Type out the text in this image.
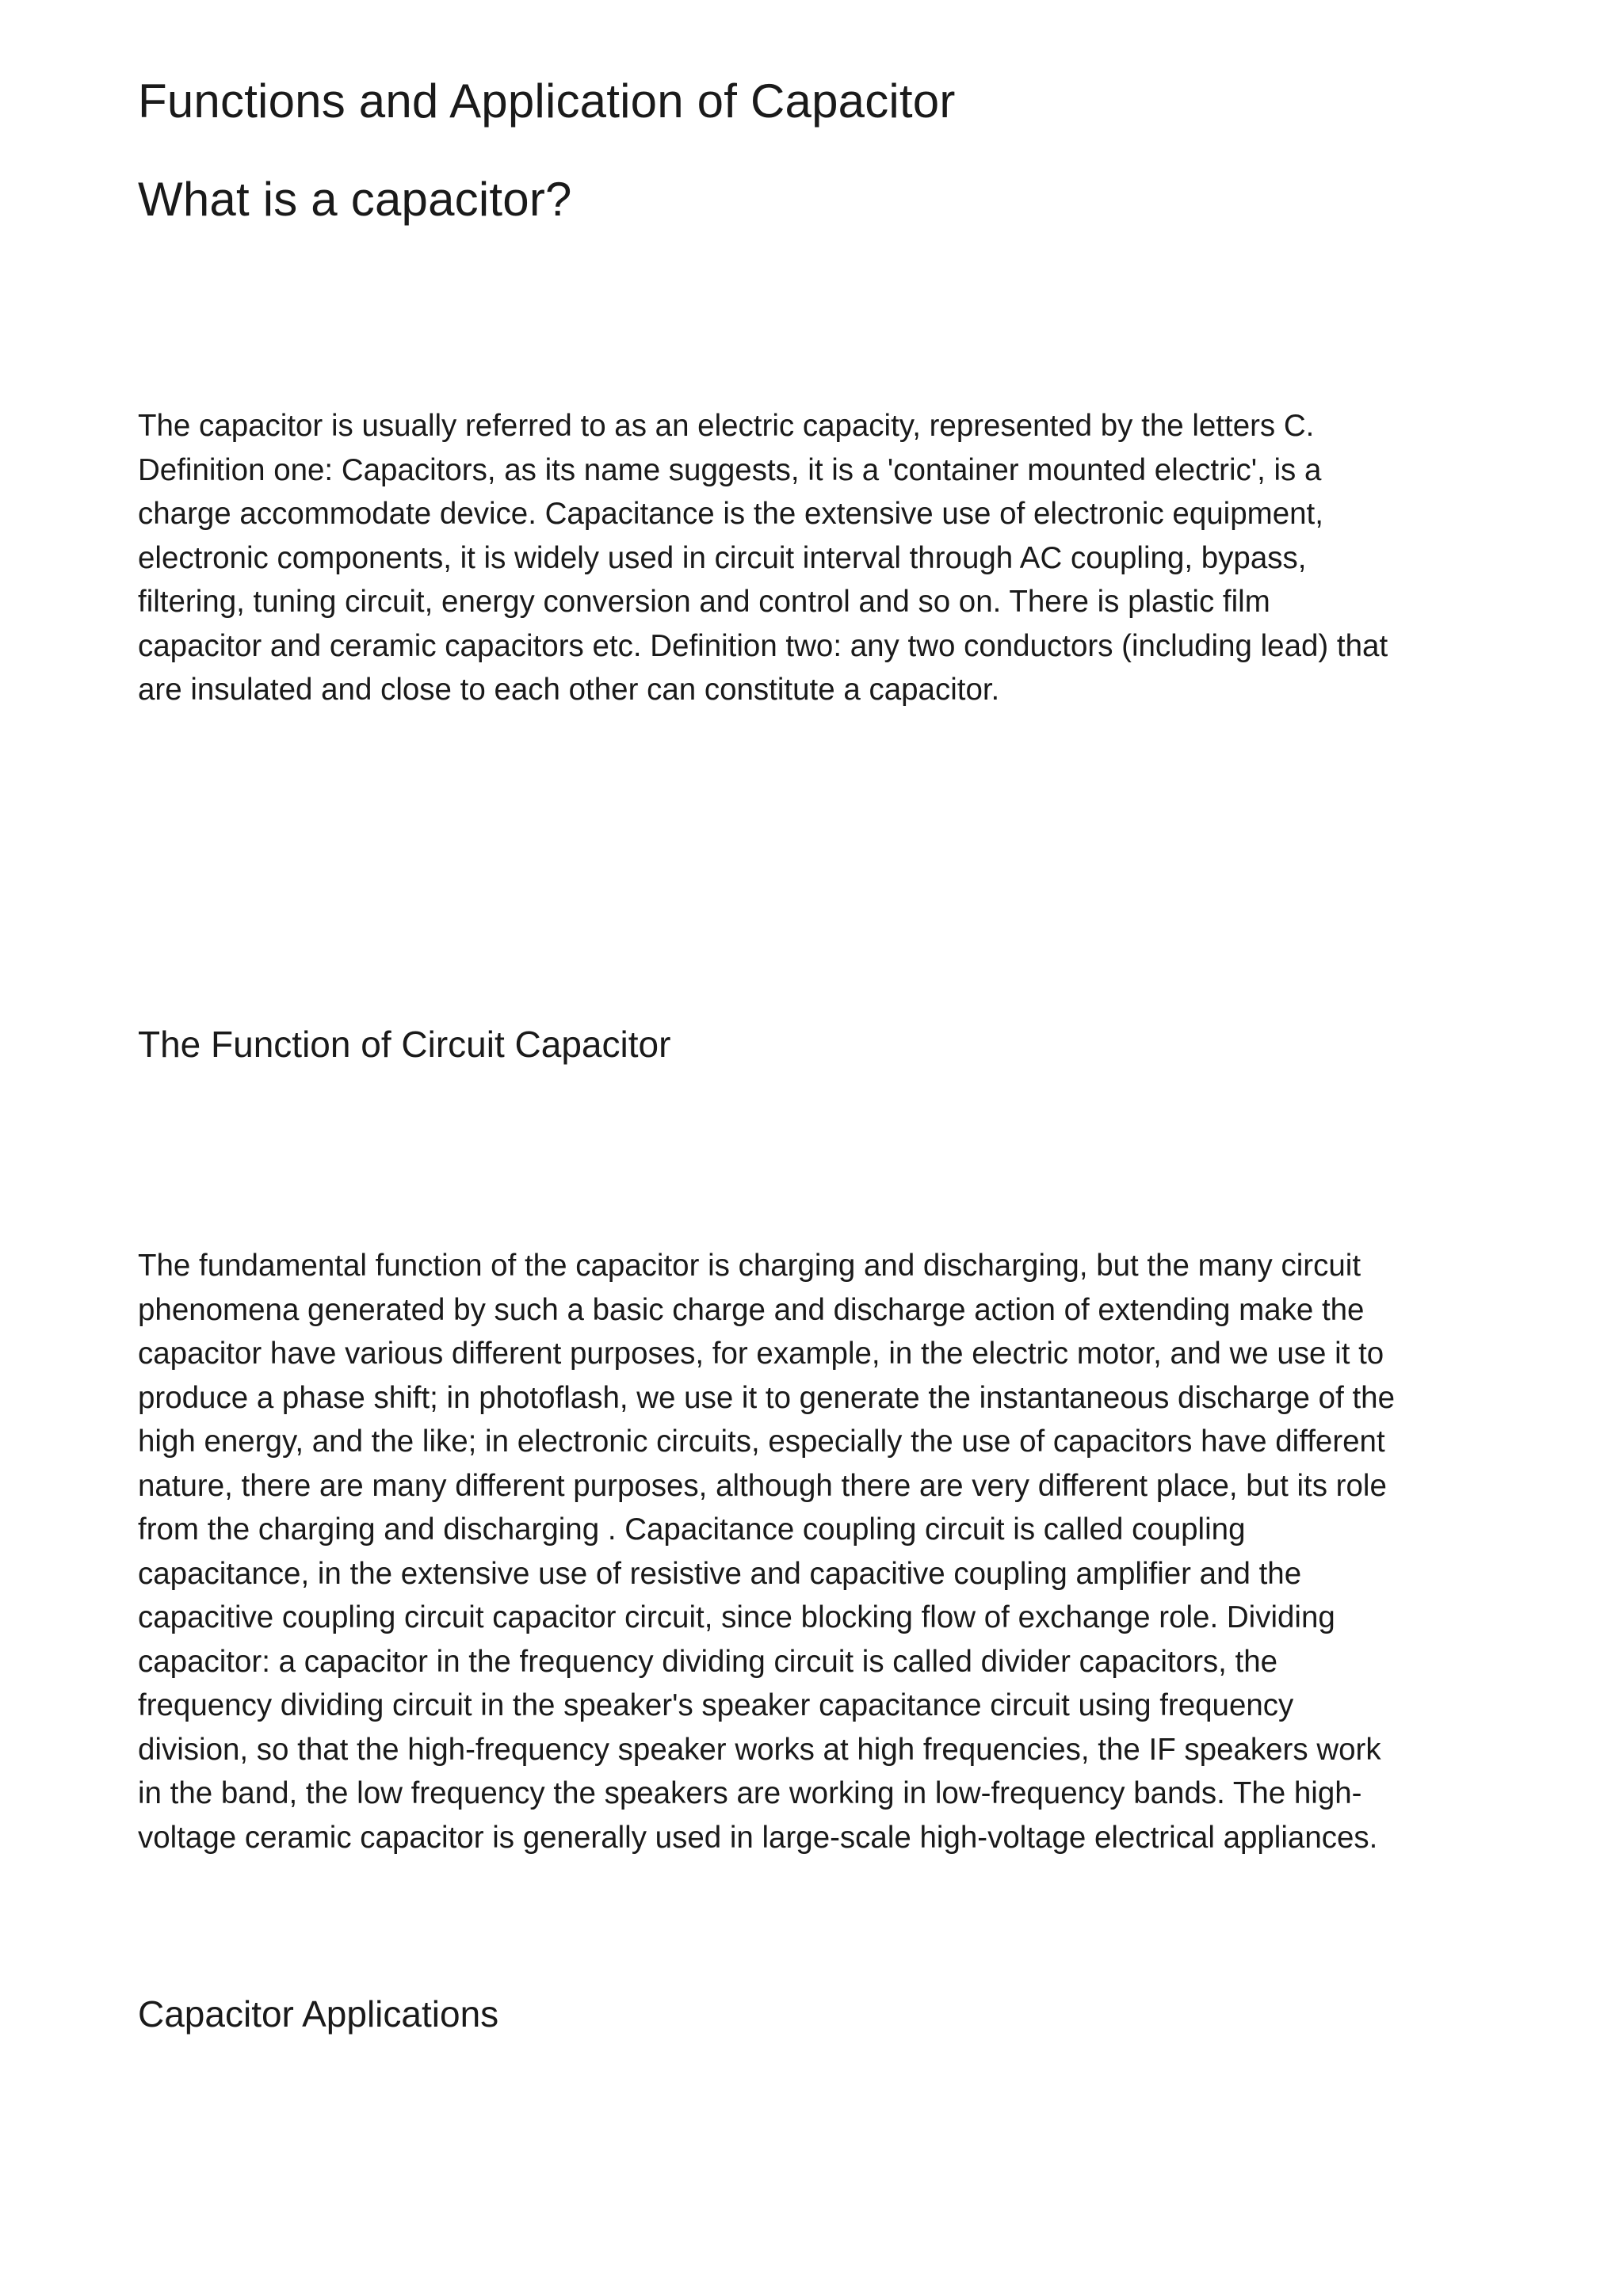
Functions and Application of Capacitor
What is a capacitor?

The capacitor is usually referred to as an electric capacity, represented by the letters C.
Definition one: Capacitors, as its name suggests, it is a 'container mounted electric', is a
charge accommodate device. Capacitance is the extensive use of electronic equipment,
electronic components, it is widely used in circuit interval through AC coupling, bypass,
filtering, tuning circuit, energy conversion and control and so on. There is plastic film
capacitor and ceramic capacitors etc. Definition two: any two conductors (including lead) that
are insulated and close to each other can constitute a capacitor.

The Function of Circuit Capacitor

The fundamental function of the capacitor is charging and discharging, but the many circuit
phenomena generated by such a basic charge and discharge action of extending make the
capacitor have various different purposes, for example, in the electric motor, and we use it to
produce a phase shift; in photoflash, we use it to generate the instantaneous discharge of the
high energy, and the like; in electronic circuits, especially the use of capacitors have different
nature, there are many different purposes, although there are very different place, but its role
from the charging and discharging . Capacitance coupling circuit is called coupling
capacitance, in the extensive use of resistive and capacitive coupling amplifier and the
capacitive coupling circuit capacitor circuit, since blocking flow of exchange role. Dividing
capacitor: a capacitor in the frequency dividing circuit is called divider capacitors, the
frequency dividing circuit in the speaker's speaker capacitance circuit using frequency
division, so that the high-frequency speaker works at high frequencies, the IF speakers work
in the band, the low frequency the speakers are working in low-frequency bands. The high-
voltage ceramic capacitor is generally used in large-scale high-voltage electrical appliances.

Capacitor Applications
